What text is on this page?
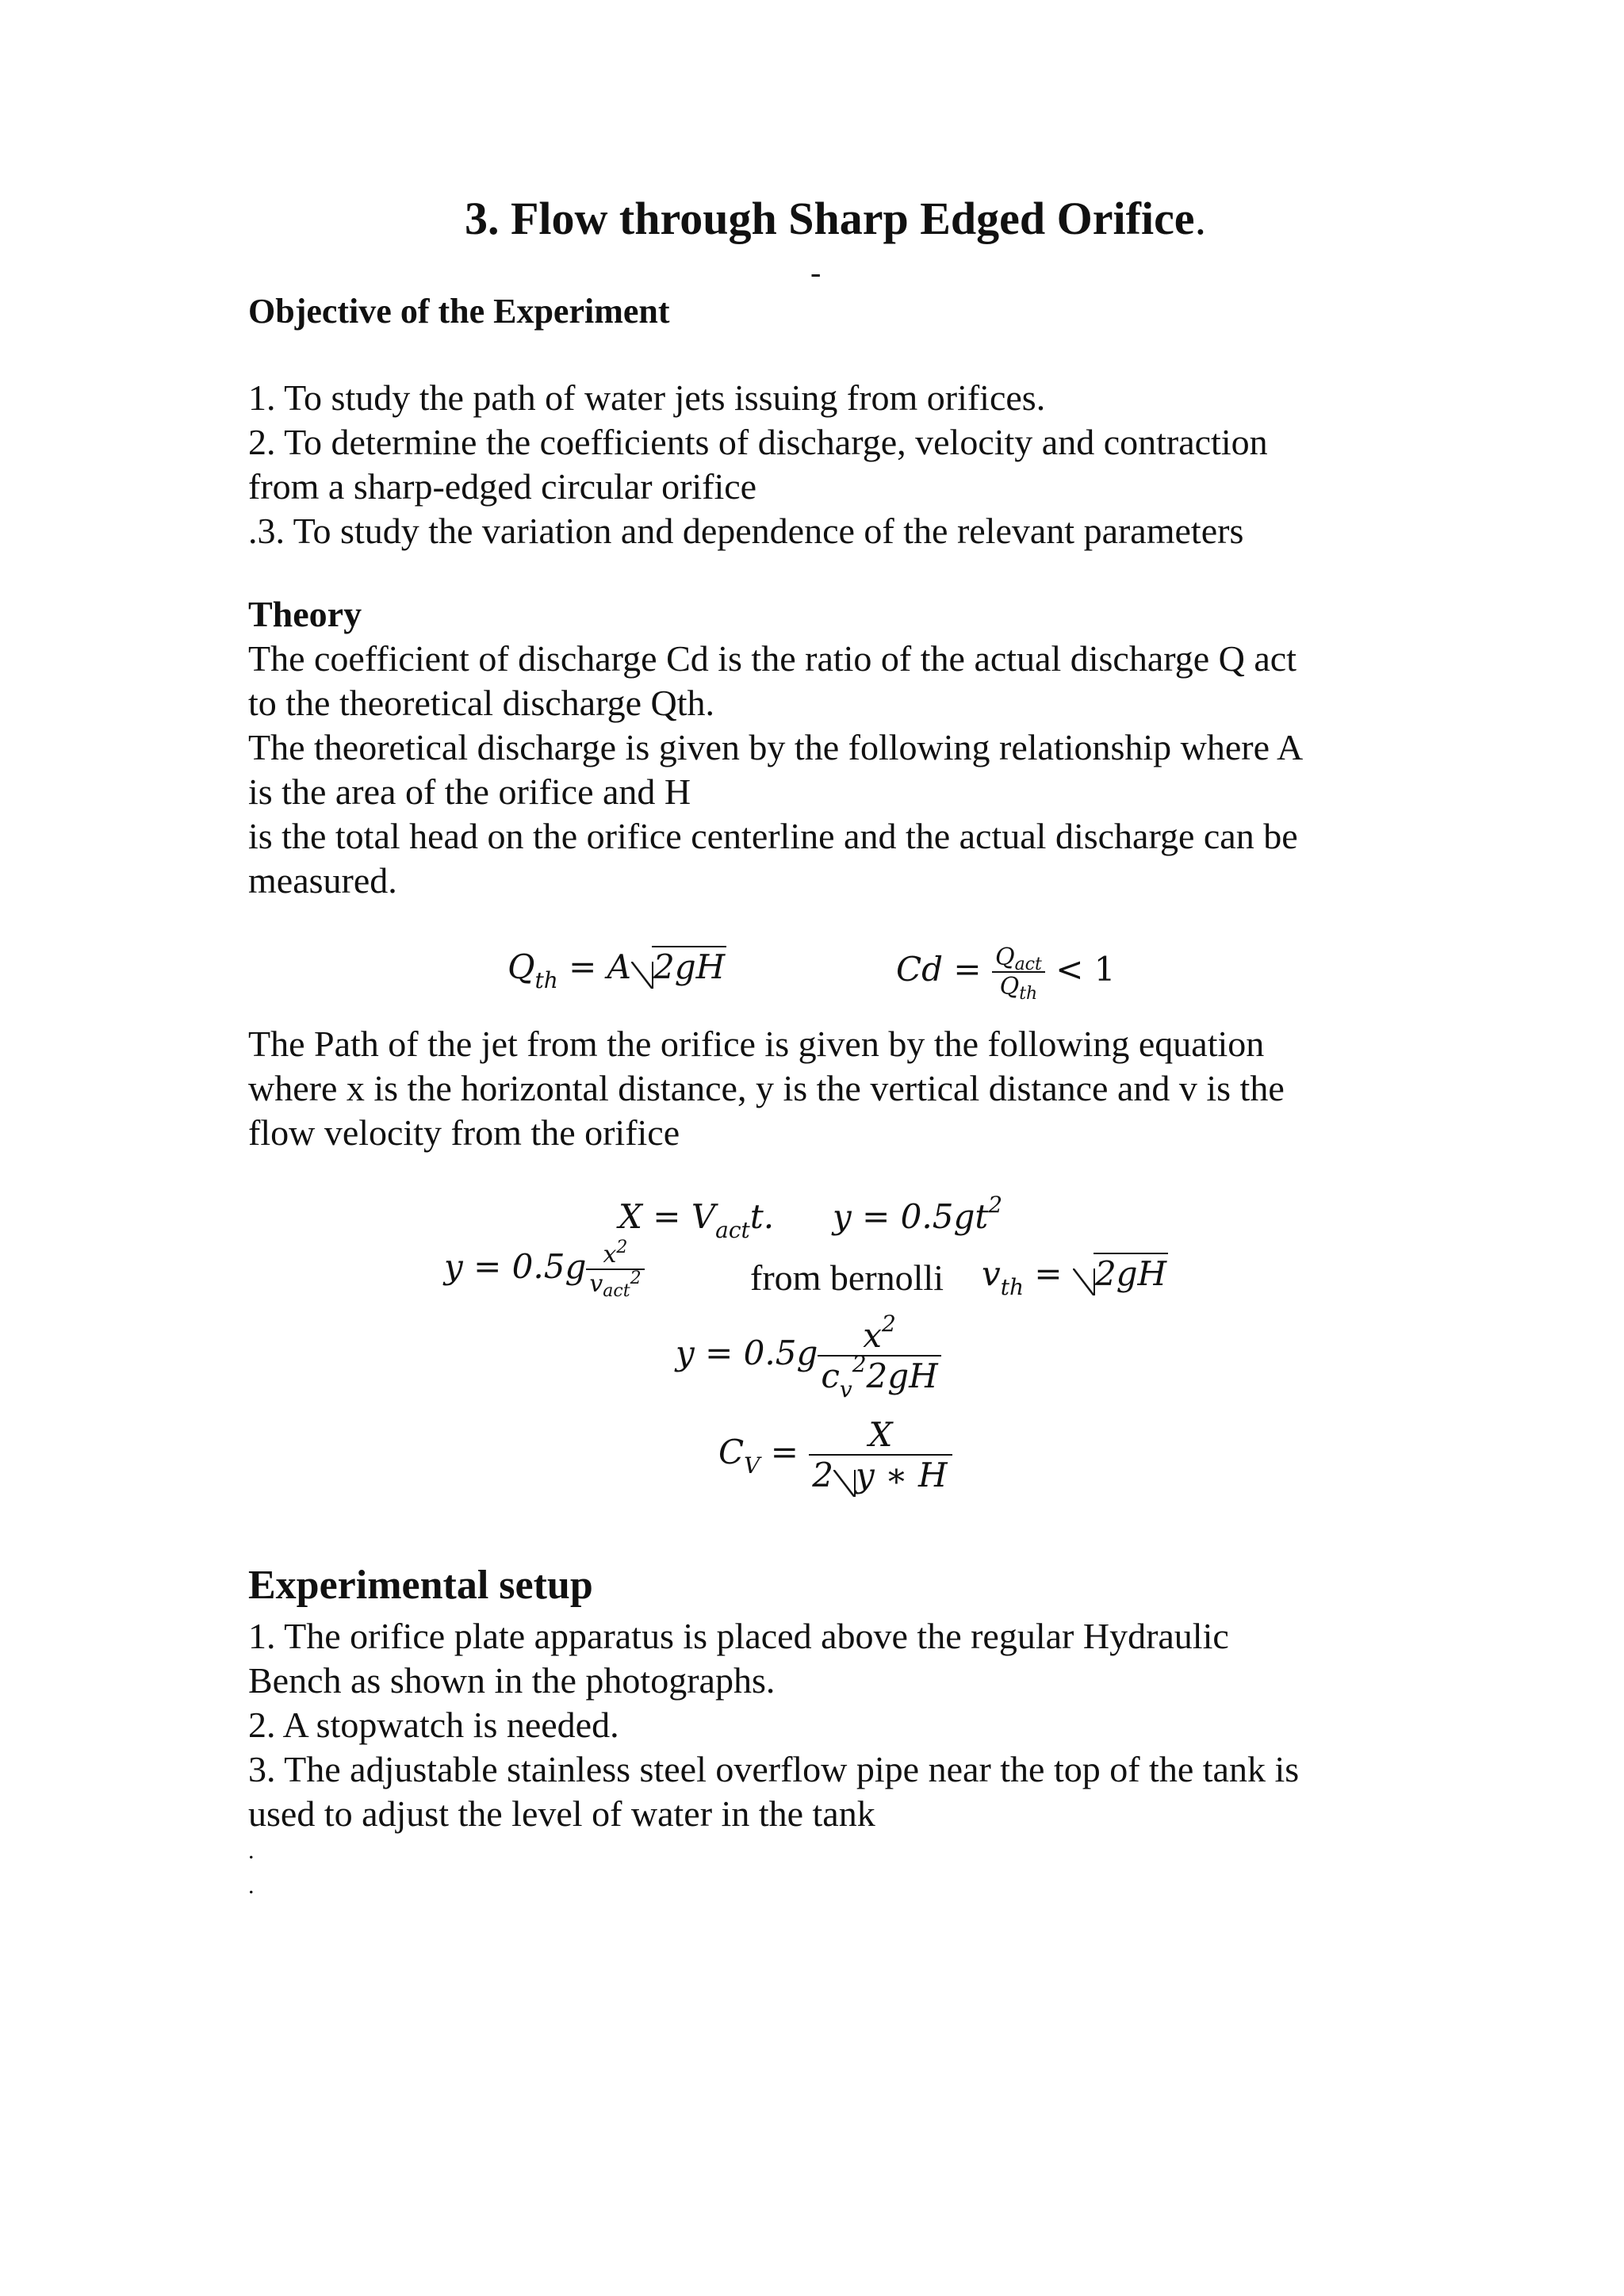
3. Flow through Sharp Edged Orifice.
-
Objective of the Experiment
1. To study the path of water jets issuing from orifices.
2. To determine the coefficients of discharge, velocity and contraction
from a sharp-edged circular orifice
.3. To study the variation and dependence of the relevant parameters
Theory
The coefficient of discharge Cd is the ratio of the actual discharge Q act
to the theoretical discharge Qth.
The theoretical discharge is given by the following relationship where A
is the area of the orifice and H
is the total head on the orifice centerline and the actual discharge can be
measured.
$Q_{th} = A$ 2gH	$Cd = \frac{Q_{act}}{Q_{th}} < 1$
The Path of the jet from the orifice is given by the following equation
where x is the horizontal distance, y is the vertical distance and v is the
flow velocity from the orifice
$X = V_{act}t$. $y = 0.5gt^2$
$y = 0.5g \frac{x^2}{v_{act}^2}$	from bernolli $v_{th} = 2gH$
$y = 0.5g \frac{x^2}{c_v^22gH}$
$C_V = \frac{X}{2 y ∗ H}$
Experimental setup
1. The orifice plate apparatus is placed above the regular Hydraulic
Bench as shown in the photographs.
2. A stopwatch is needed.
3. The adjustable stainless steel overflow pipe near the top of the tank is
used to adjust the level of water in the tank
.
.
